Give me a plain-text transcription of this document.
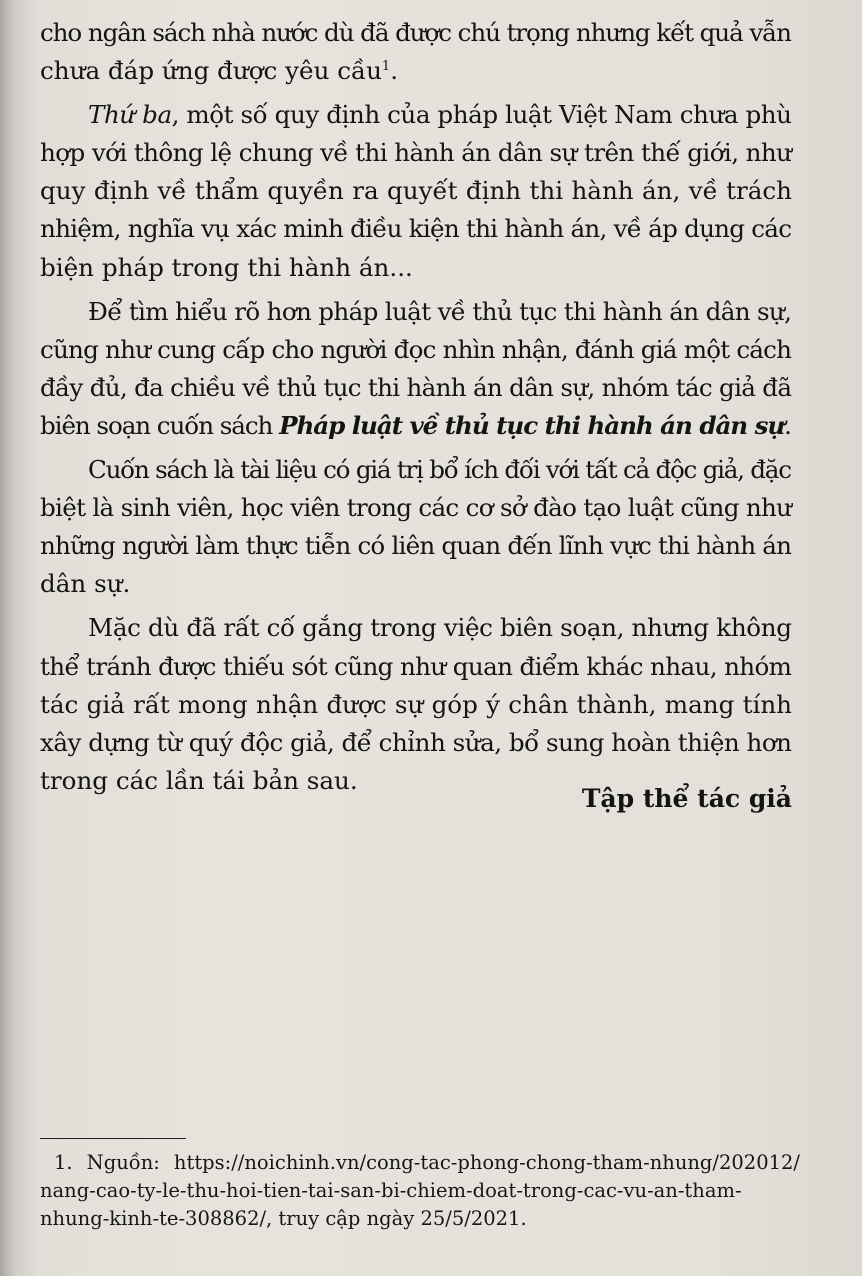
cho ngân sách nhà nước dù đã được chú trọng nhưng kết quả vẫn
chưa đáp ứng được yêu cầu$^1$.

Thứ ba, một số quy định của pháp luật Việt Nam chưa phù
hợp với thông lệ chung về thi hành án dân sự trên thế giới, như
quy định về thẩm quyền ra quyết định thi hành án, về trách
nhiệm, nghĩa vụ xác minh điều kiện thi hành án, về áp dụng các
biện pháp trong thi hành án...

Để tìm hiểu rõ hơn pháp luật về thủ tục thi hành án dân sự,
cũng như cung cấp cho người đọc nhìn nhận, đánh giá một cách
đầy đủ, đa chiều về thủ tục thi hành án dân sự, nhóm tác giả đã
biên soạn cuốn sách Pháp luật về thủ tục thi hành án dân sự.

Cuốn sách là tài liệu có giá trị bổ ích đối với tất cả độc giả, đặc
biệt là sinh viên, học viên trong các cơ sở đào tạo luật cũng như
những người làm thực tiễn có liên quan đến lĩnh vực thi hành án
dân sự.

Mặc dù đã rất cố gắng trong việc biên soạn, nhưng không
thể tránh được thiếu sót cũng như quan điểm khác nhau, nhóm
tác giả rất mong nhận được sự góp ý chân thành, mang tính
xây dựng từ quý độc giả, để chỉnh sửa, bổ sung hoàn thiện hơn
trong các lần tái bản sau.

Tập thể tác giả
1. Nguồn: https://noichinh.vn/cong-tac-phong-chong-tham-nhung/202012/
nang-cao-ty-le-thu-hoi-tien-tai-san-bi-chiem-doat-trong-cac-vu-an-tham-
nhung-kinh-te-308862/, truy cập ngày 25/5/2021.
